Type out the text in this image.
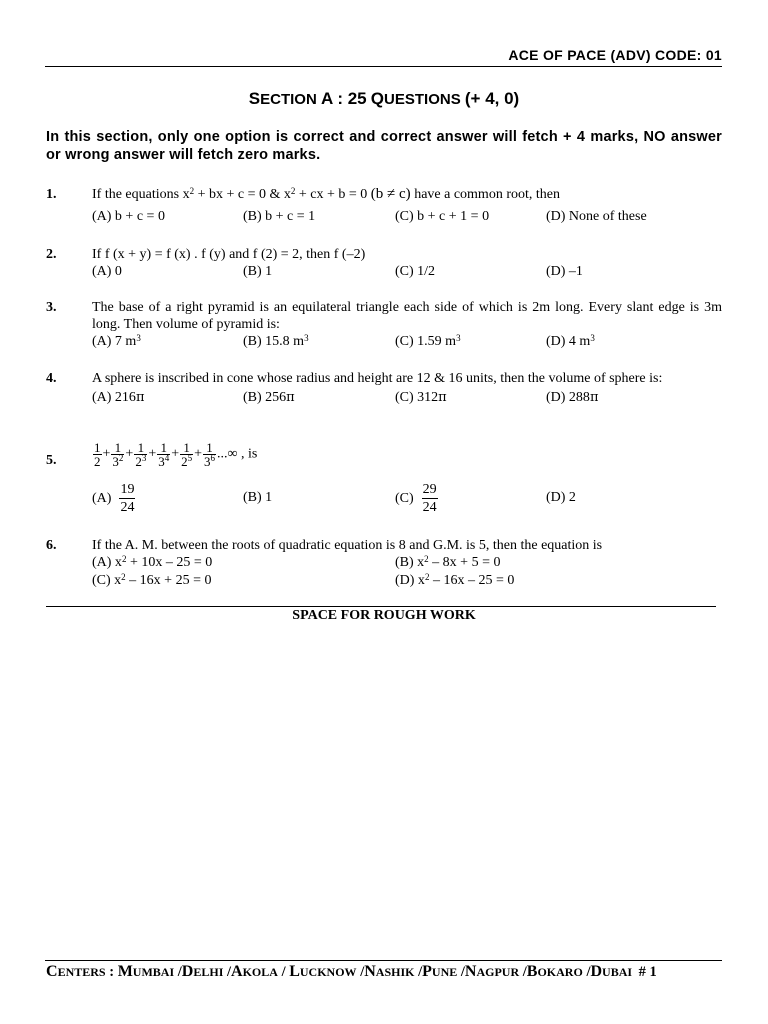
ACE OF PACE (ADV) CODE: 01
SECTION A : 25 QUESTIONS (+ 4, 0)
In this section, only one option is correct and correct answer will fetch + 4 marks, NO answer or wrong answer will fetch zero marks.
1.	If the equations $x^2$ + bx + c = 0 & $x^2$ + cx + b = 0 (b ≠ c) have a common root, then
(A) b + c = 0	(B) b + c = 1	(C) b + c + 1 = 0	(D) None of these
2.	If f (x + y) = f (x) . f (y) and f (2) = 2, then f (–2)
(A) 0	(B) 1	(C) 1/2	(D) –1
3.	The base of a right pyramid is an equilateral triangle each side of which is 2m long. Every slant edge is 3m long. Then volume of pyramid is:
(A) 7 $m^3$	(B) 15.8 $m^3$	(C) 1.59 $m^3$	(D) 4 $m^3$
4.	A sphere is inscribed in cone whose radius and height are 12 & 16 units, then the volume of sphere is:
(A) 216π	(B) 256π	(C) 312π	(D) 288π
5.	$\frac{1}{2} + \frac{1}{3^2} + \frac{1}{2^3} + \frac{1}{3^4} + \frac{1}{2^5} + \frac{1}{3^6}$ ...∞ , is
$(A) \frac{19}{24}$	(B) 1	$(C) \frac{29}{24}$	(D) 2
6.	If the A. M. between the roots of quadratic equation is 8 and G.M. is 5, then the equation is
(A) $x^2 + 10x - 25 = 0$	(B) $x^2 - 8x + 5 = 0$
(C) $x^2 - 16x + 25 = 0$	(D) $x^2 - 16x - 25 = 0$
SPACE FOR ROUGH WORK
CENTERS : MUMBAI /DELHI /AKOLA / LUCKNOW /NASHIK /PUNE /NAGPUR /BOKARO /DUBAI # 1
